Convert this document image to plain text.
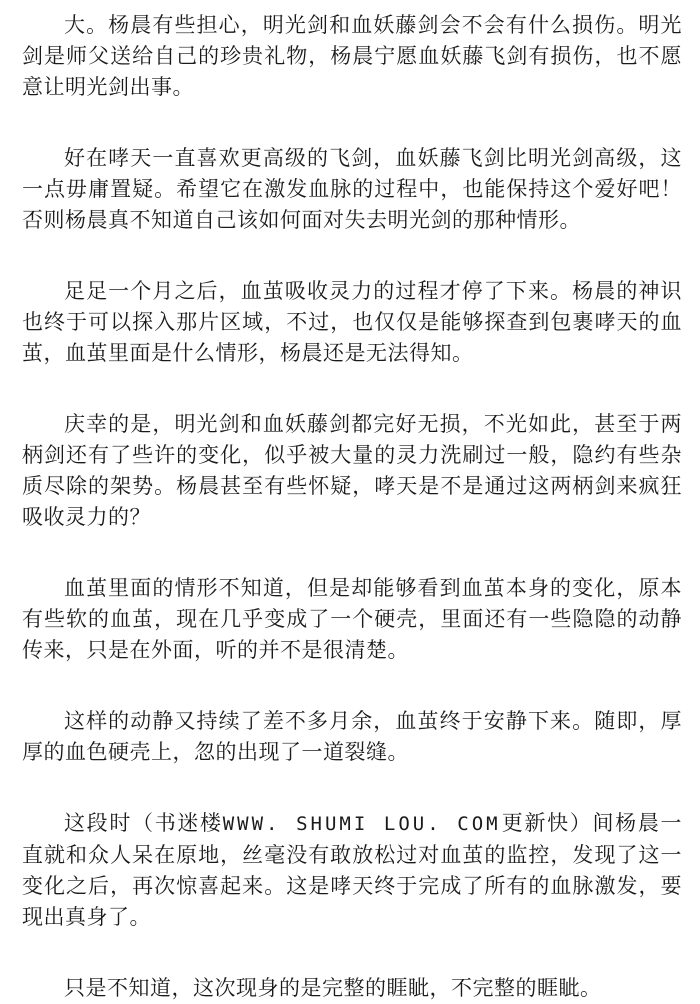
大。杨晨有些担心，明光剑和血妖藤剑会不会有什么损伤。明光剑是师父送给自己的珍贵礼物，杨晨宁愿血妖藤飞剑有损伤，也不愿意让明光剑出事。

好在哮天一直喜欢更高级的飞剑，血妖藤飞剑比明光剑高级，这一点毋庸置疑。希望它在激发血脉的过程中，也能保持这个爱好吧！否则杨晨真不知道自己该如何面对失去明光剑的那种情形。

足足一个月之后，血茧吸收灵力的过程才停了下来。杨晨的神识也终于可以探入那片区域，不过，也仅仅是能够探查到包裹哮天的血茧，血茧里面是什么情形，杨晨还是无法得知。

庆幸的是，明光剑和血妖藤剑都完好无损，不光如此，甚至于两柄剑还有了些许的变化，似乎被大量的灵力洗刷过一般，隐约有些杂质尽除的架势。杨晨甚至有些怀疑，哮天是不是通过这两柄剑来疯狂吸收灵力的？

血茧里面的情形不知道，但是却能够看到血茧本身的变化，原本有些软的血茧，现在几乎变成了一个硬壳，里面还有一些隐隐的动静传来，只是在外面，听的并不是很清楚。

这样的动静又持续了差不多月余，血茧终于安静下来。随即，厚厚的血色硬壳上，忽的出现了一道裂缝。

这段时（书迷楼WWW. SHUMI LOU. COM更新快）间杨晨一直就和众人呆在原地，丝毫没有敢放松过对血茧的监控，发现了这一变化之后，再次惊喜起来。这是哮天终于完成了所有的血脉激发，要现出真身了。

只是不知道，这次现身的是完整的睚眦，不完整的睚眦。
